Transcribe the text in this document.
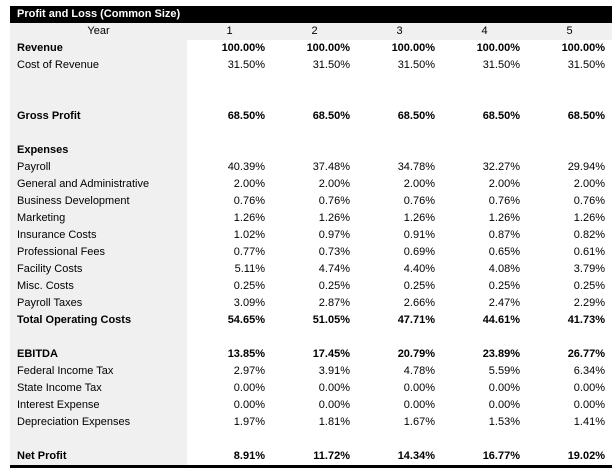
Profit and Loss (Common Size)
Year	1	2	3	4	5
Revenue	100.00%	100.00%	100.00%	100.00%	100.00%
Cost of Revenue	31.50%	31.50%	31.50%	31.50%	31.50%
Gross Profit	68.50%	68.50%	68.50%	68.50%	68.50%
Expenses
Payroll	40.39%	37.48%	34.78%	32.27%	29.94%
General and Administrative	2.00%	2.00%	2.00%	2.00%	2.00%
Business Development	0.76%	0.76%	0.76%	0.76%	0.76%
Marketing	1.26%	1.26%	1.26%	1.26%	1.26%
Insurance Costs	1.02%	0.97%	0.91%	0.87%	0.82%
Professional Fees	0.77%	0.73%	0.69%	0.65%	0.61%
Facility Costs	5.11%	4.74%	4.40%	4.08%	3.79%
Misc. Costs	0.25%	0.25%	0.25%	0.25%	0.25%
Payroll Taxes	3.09%	2.87%	2.66%	2.47%	2.29%
Total Operating Costs	54.65%	51.05%	47.71%	44.61%	41.73%
EBITDA	13.85%	17.45%	20.79%	23.89%	26.77%
Federal Income Tax	2.97%	3.91%	4.78%	5.59%	6.34%
State Income Tax	0.00%	0.00%	0.00%	0.00%	0.00%
Interest Expense	0.00%	0.00%	0.00%	0.00%	0.00%
Depreciation Expenses	1.97%	1.81%	1.67%	1.53%	1.41%
Net Profit	8.91%	11.72%	14.34%	16.77%	19.02%
